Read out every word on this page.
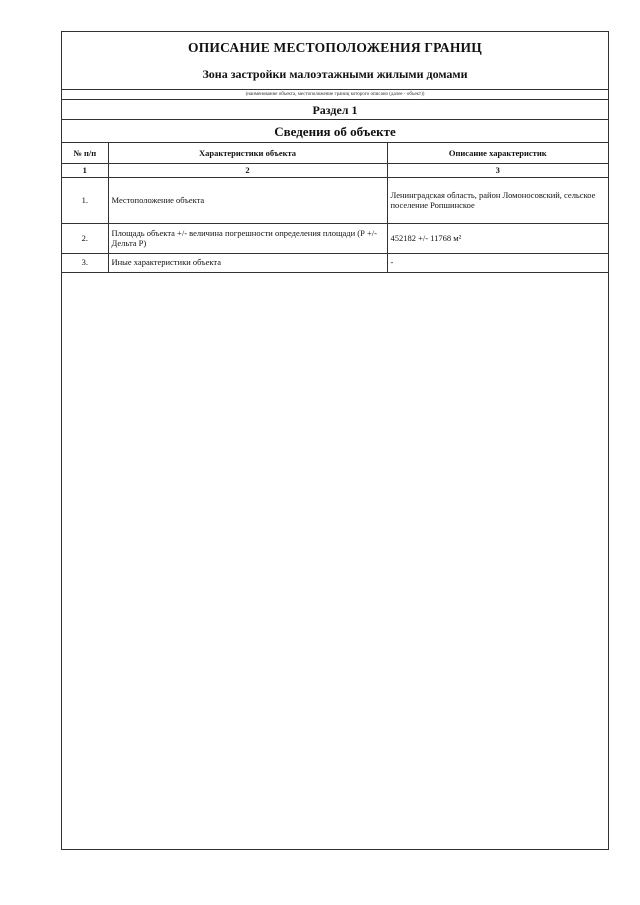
ОПИСАНИЕ МЕСТОПОЛОЖЕНИЯ ГРАНИЦ
Зона застройки малоэтажными жилыми домами
(наименование объекта, местоположение границ которого описано (далее - объект))
Раздел 1
Сведения об объекте
№ п/п	Характеристики объекта	Описание характеристик
1	2	3
1.	Местоположение объекта	Ленинградская область, район Ломоносовский, сельское поселение Ропшинское
2.	Площадь объекта +/- величина погрешности определения площади (Р +/- Дельта Р)	452182 +/- 11768 м²
3.	Иные характеристики объекта	-
